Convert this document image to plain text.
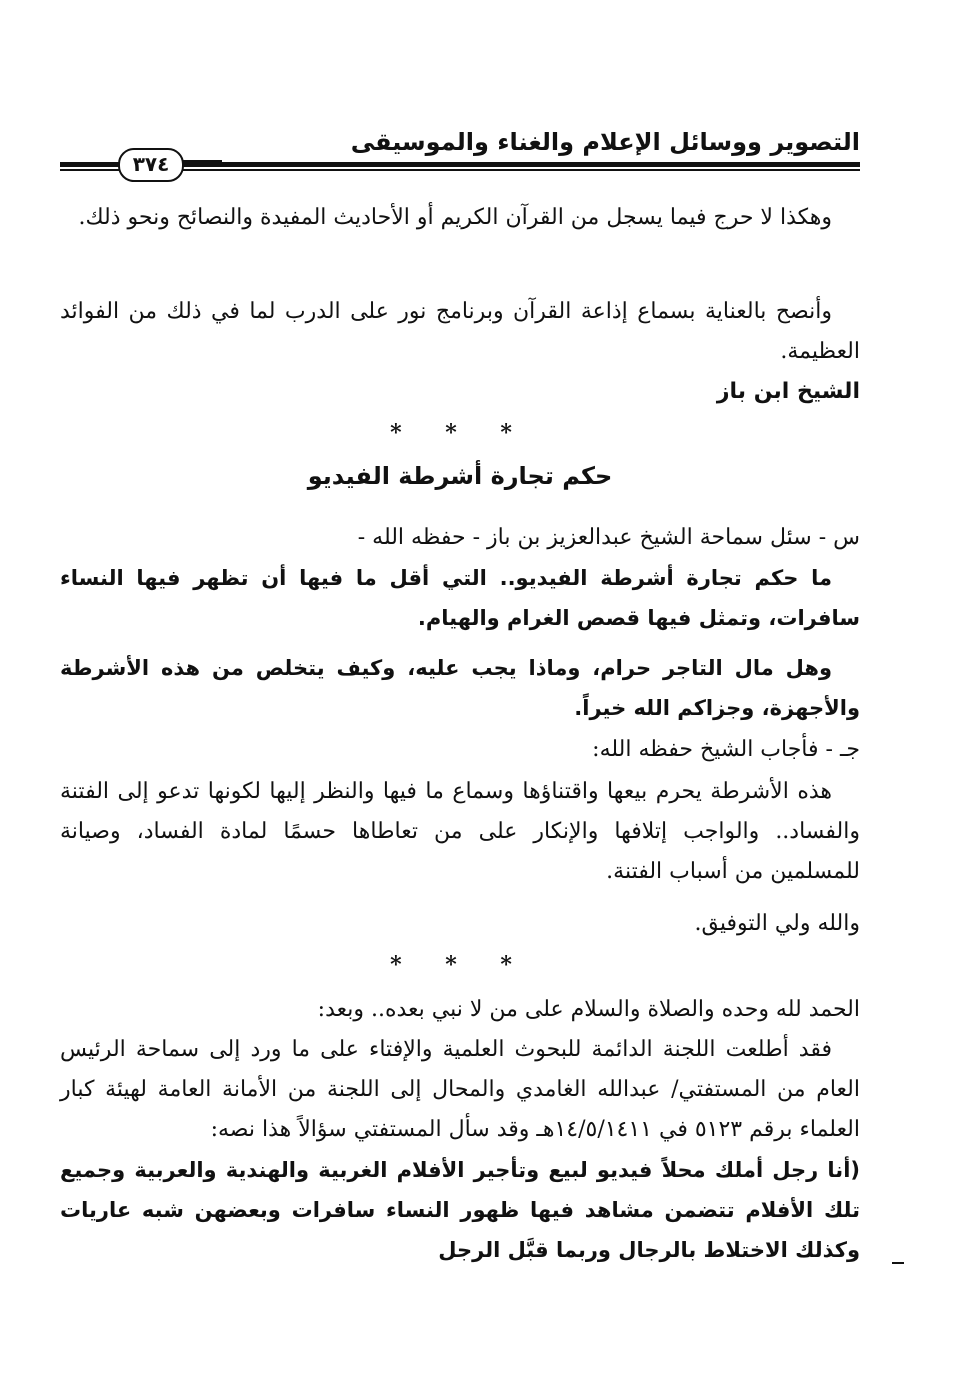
التصوير ووسائل الإعلام والغناء والموسيقى
٣٧٤
وهكذا لا حرج فيما يسجل من القرآن الكريم أو الأحاديث المفيدة والنصائح ونحو ذلك.
وأنصح بالعناية بسماع إذاعة القرآن وبرنامج نور على الدرب لما في ذلك من الفوائد العظيمة.
الشيخ ابن باز
* * *
حكم تجارة أشرطة الفيديو
س - سئل سماحة الشيخ عبدالعزيز بن باز - حفظه الله -
ما حكم تجارة أشرطة الفيديو.. التي أقل ما فيها أن تظهر فيها النساء سافرات، وتمثل فيها قصص الغرام والهيام.
وهل مال التاجر حرام، وماذا يجب عليه، وكيف يتخلص من هذه الأشرطة والأجهزة، وجزاكم الله خيراً.
جـ - فأجاب الشيخ حفظه الله:
هذه الأشرطة يحرم بيعها واقتناؤها وسماع ما فيها والنظر إليها لكونها تدعو إلى الفتنة والفساد.. والواجب إتلافها والإنكار على من تعاطاها حسمًا لمادة الفساد، وصيانة للمسلمين من أسباب الفتنة.
والله ولي التوفيق.
* * *
الحمد لله وحده والصلاة والسلام على من لا نبي بعده.. وبعد:
فقد أطلعت اللجنة الدائمة للبحوث العلمية والإفتاء على ما ورد إلى سماحة الرئيس العام من المستفتي/ عبدالله الغامدي والمحال إلى اللجنة من الأمانة العامة لهيئة كبار العلماء برقم ٥١٢٣ في ١٤/٥/١٤١١هـ وقد سأل المستفتي سؤالاً هذا نصه:
(أنا رجل أملك محلاً فيديو لبيع وتأجير الأفلام الغربية والهندية والعربية وجميع تلك الأفلام تتضمن مشاهد فيها ظهور النساء سافرات وبعضهن شبه عاريات وكذلك الاختلاط بالرجال وربما قبَّل الرجل
